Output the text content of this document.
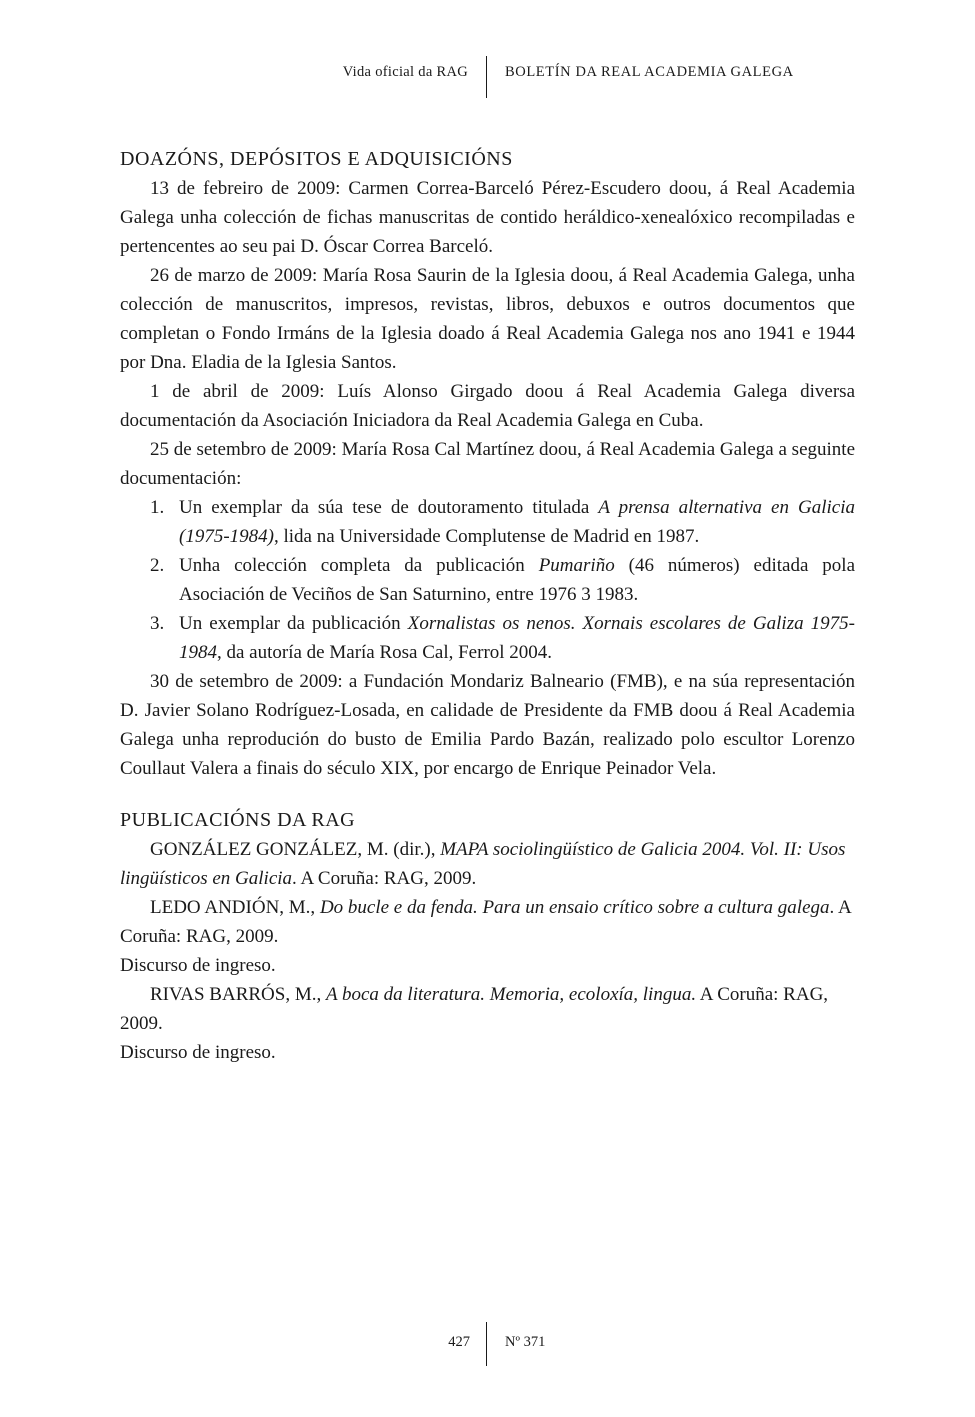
Vida oficial da RAG	BOLETÍN DA REAL ACADEMIA GALEGA
DOAZÓNS, DEPÓSITOS E ADQUISICIÓNS

13 de febreiro de 2009: Carmen Correa-Barceló Pérez-Escudero doou, á Real Academia Galega unha colección de fichas manuscritas de contido heráldico-xenealóxico recompiladas e pertencentes ao seu pai D. Óscar Correa Barceló.

26 de marzo de 2009: María Rosa Saurin de la Iglesia doou, á Real Academia Galega, unha colección de manuscritos, impresos, revistas, libros, debuxos e outros documentos que completan o Fondo Irmáns de la Iglesia doado á Real Academia Galega nos ano 1941 e 1944 por Dna. Eladia de la Iglesia Santos.

1 de abril de 2009: Luís Alonso Girgado doou á Real Academia Galega diversa documentación da Asociación Iniciadora da Real Academia Galega en Cuba.

25 de setembro de 2009: María Rosa Cal Martínez doou, á Real Academia Galega a seguinte documentación:

1. Un exemplar da súa tese de doutoramento titulada A prensa alternativa en Galicia (1975-1984), lida na Universidade Complutense de Madrid en 1987.
2. Unha colección completa da publicación Pumariño (46 números) editada pola Asociación de Veciños de San Saturnino, entre 1976 3 1983.
3. Un exemplar da publicación Xornalistas os nenos. Xornais escolares de Galiza 1975-1984, da autoría de María Rosa Cal, Ferrol 2004.

30 de setembro de 2009: a Fundación Mondariz Balneario (FMB), e na súa representación D. Javier Solano Rodríguez-Losada, en calidade de Presidente da FMB doou á Real Academia Galega unha reprodución do busto de Emilia Pardo Bazán, realizado polo escultor Lorenzo Coullaut Valera a finais do século XIX, por encargo de Enrique Peinador Vela.

PUBLICACIÓNS DA RAG

GONZÁLEZ GONZÁLEZ, M. (dir.), MAPA sociolingüístico de Galicia 2004. Vol. II: Usos lingüísticos en Galicia. A Coruña: RAG, 2009.

LEDO ANDIÓN, M., Do bucle e da fenda. Para un ensaio crítico sobre a cultura galega. A Coruña: RAG, 2009.

Discurso de ingreso.

RIVAS BARRÓS, M., A boca da literatura. Memoria, ecoloxía, lingua. A Coruña: RAG, 2009.

Discurso de ingreso.

427 Nº 371
